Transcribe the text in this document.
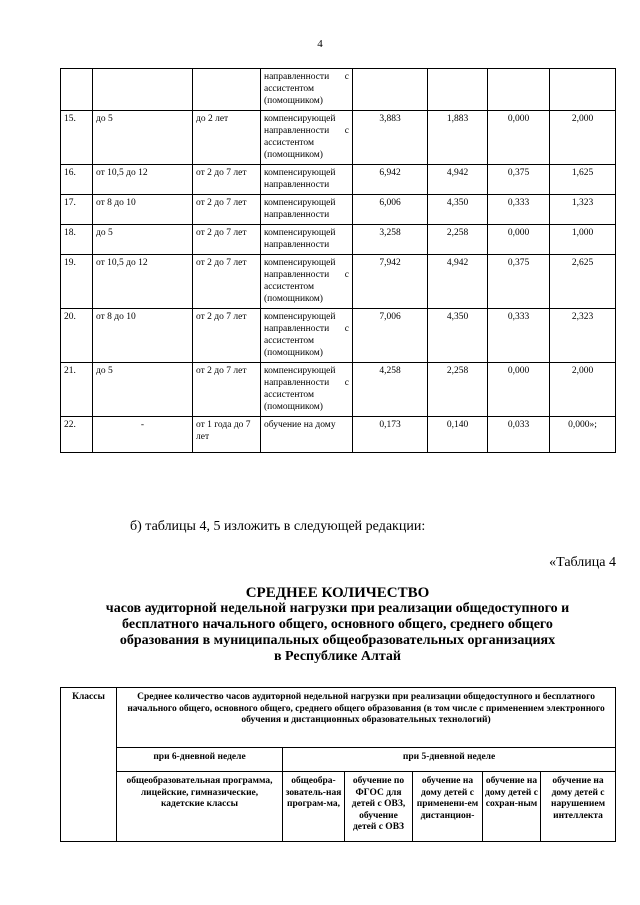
4
			направленности с ассистентом (помощником)				
15.	до 5	до 2 лет	компенсирующей направленности с ассистентом (помощником)	3,883	1,883	0,000	2,000
16.	от 10,5 до 12	от 2 до 7 лет	компенсирующей направленности	6,942	4,942	0,375	1,625
17.	от 8 до 10	от 2 до 7 лет	компенсирующей направленности	6,006	4,350	0,333	1,323
18.	до 5	от 2 до 7 лет	компенсирующей направленности	3,258	2,258	0,000	1,000
19.	от 10,5 до 12	от 2 до 7 лет	компенсирующей направленности с ассистентом (помощником)	7,942	4,942	0,375	2,625
20.	от 8 до 10	от 2 до 7 лет	компенсирующей направленности с ассистентом (помощником)	7,006	4,350	0,333	2,323
21.	до 5	от 2 до 7 лет	компенсирующей направленности с ассистентом (помощником)	4,258	2,258	0,000	2,000
22.	-	от 1 года до 7 лет	обучение на дому	0,173	0,140	0,033	0,000»;
б) таблицы 4, 5 изложить в следующей редакции:
«Таблица 4
СРЕДНЕЕ КОЛИЧЕСТВО
часов аудиторной недельной нагрузки при реализации общедоступного и
бесплатного начального общего, основного общего, среднего общего
образования в муниципальных общеобразовательных организациях
в Республике Алтай
Классы	Среднее количество часов аудиторной недельной нагрузки при реализации общедоступного и бесплатного начального общего, основного общего, среднего общего образования (в том числе с применением электронного обучения и дистанционных образовательных технологий)					
	при 6-дневной неделе	при 5-дневной неделе				
	общеобразовательная программа, лицейские, гимназические, кадетские классы	общеобра-зователь-ная програм-ма,	обучение по ФГОС для детей с ОВЗ, обучение детей с ОВЗ	обучение на дому детей с применени-ем дистанцион-	обучение на дому детей с сохран-ным	обучение на дому детей с нарушением интеллекта
